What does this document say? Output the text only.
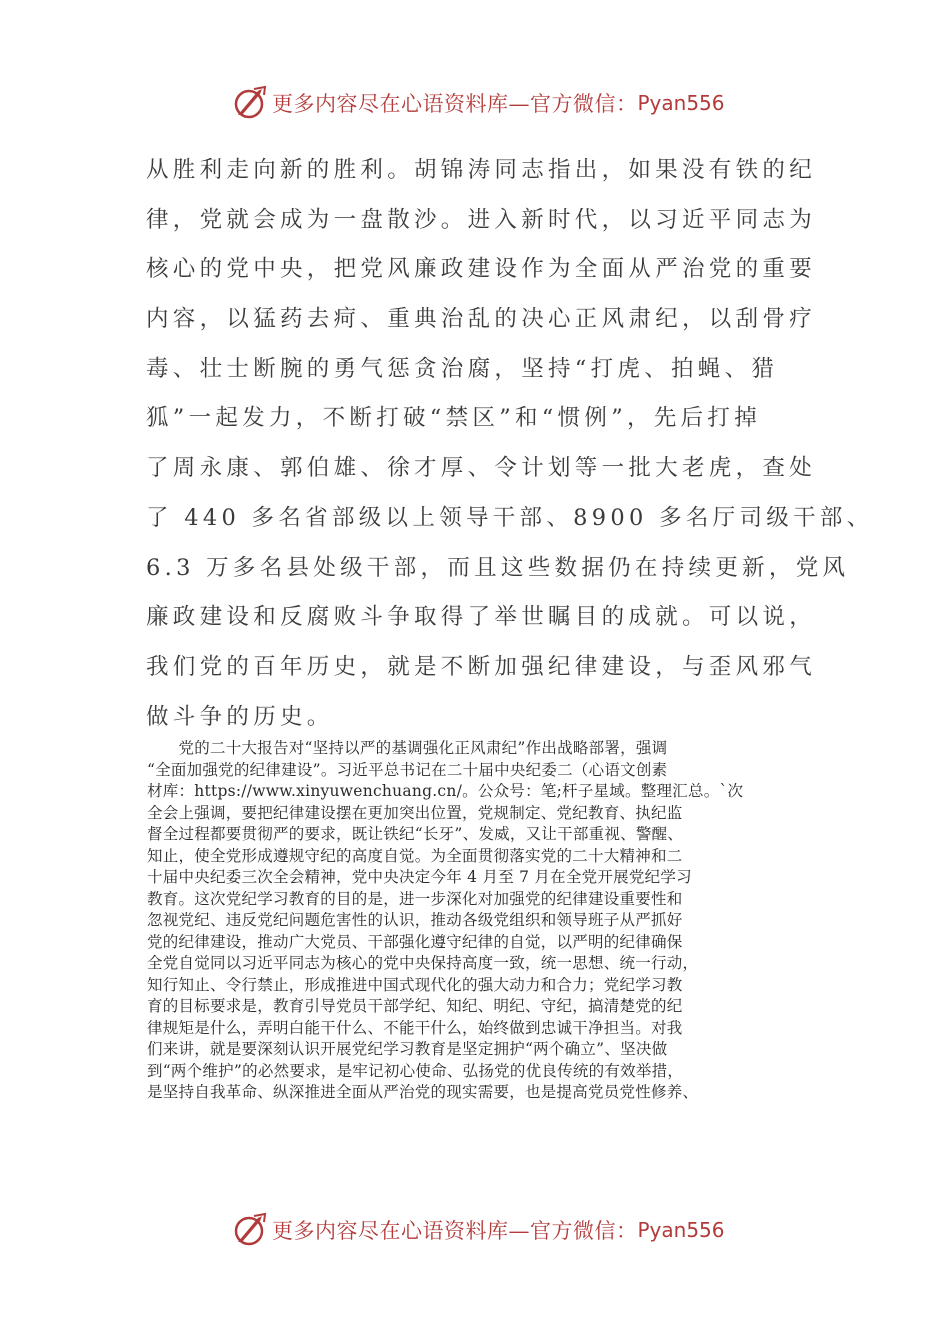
更多内容尽在心语资料库—官方微信： Pyan556
从胜利走向新的胜利。胡锦涛同志指出，如果没有铁的纪
律，党就会成为一盘散沙。进入新时代，以习近平同志为
核心的党中央，把党风廉政建设作为全面从严治党的重要
内容，以猛药去疴、重典治乱的决心正风肃纪，以刮骨疗
毒、壮士断腕的勇气惩贪治腐，坚持“打虎、拍蝇、猎
狐”一起发力，不断打破“禁区”和“惯例”，先后打掉
了周永康、郭伯雄、徐才厚、令计划等一批大老虎，查处
了 440 多名省部级以上领导干部、8900 多名厅司级干部、
6.3 万多名县处级干部，而且这些数据仍在持续更新，党风
廉政建设和反腐败斗争取得了举世瞩目的成就。可以说，
我们党的百年历史，就是不断加强纪律建设，与歪风邪气
做斗争的历史。
　　党的二十大报告对“坚持以严的基调强化正风肃纪”作出战略部署，强调
“全面加强党的纪律建设”。习近平总书记在二十届中央纪委二（心语文创素
材库：https://www.xinyuwenchuang.cn/。公众号：笔;杆子星域。整理汇总。`次
全会上强调，要把纪律建设摆在更加突出位置，党规制定、党纪教育、执纪监
督全过程都要贯彻严的要求，既让铁纪“长牙”、发威，又让干部重视、警醒、
知止，使全党形成遵规守纪的高度自觉。为全面贯彻落实党的二十大精神和二
十届中央纪委三次全会精神，党中央决定今年 4 月至 7 月在全党开展党纪学习
教育。这次党纪学习教育的目的是，进一步深化对加强党的纪律建设重要性和
忽视党纪、违反党纪问题危害性的认识，推动各级党组织和领导班子从严抓好
党的纪律建设，推动广大党员、干部强化遵守纪律的自觉，以严明的纪律确保
全党自觉同以习近平同志为核心的党中央保持高度一致，统一思想、统一行动，
知行知止、令行禁止，形成推进中国式现代化的强大动力和合力；党纪学习教
育的目标要求是，教育引导党员干部学纪、知纪、明纪、守纪，搞清楚党的纪
律规矩是什么，弄明白能干什么、不能干什么，始终做到忠诚干净担当。对我
们来讲，就是要深刻认识开展党纪学习教育是坚定拥护“两个确立”、坚决做
到“两个维护”的必然要求，是牢记初心使命、弘扬党的优良传统的有效举措，
是坚持自我革命、纵深推进全面从严治党的现实需要，也是提高党员党性修养、
更多内容尽在心语资料库—官方微信： Pyan556
